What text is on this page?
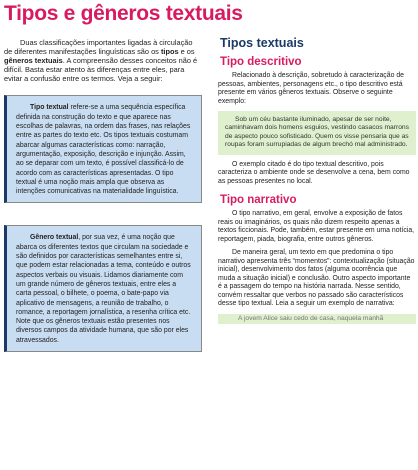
Tipos e gêneros textuais

Duas classificações importantes ligadas à circulação de diferentes manifestações linguísticas são os tipos e os gêneros textuais. A compreensão desses conceitos não é difícil. Basta estar atento às diferenças entre eles, para evitar a confusão entre os termos. Veja a seguir:

Tipo textual refere-se a uma sequência específica definida na construção do texto e que aparece nas escolhas de palavras, na ordem das frases, nas relações entre as partes do texto etc. Os tipos textuais costumam abarcar algumas características como: narração, argumentação, exposição, descrição e injunção. Assim, ao se deparar com um texto, é possível classificá-lo de acordo com as características apresentadas. O tipo textual é uma noção mais ampla que observa as intenções comunicativas na materialidade linguística.

Gênero textual, por sua vez, é uma noção que abarca os diferentes textos que circulam na sociedade e são definidos por características semelhantes entre si, que podem estar relacionadas a tema, conteúdo e outros aspectos verbais ou visuais. Lidamos diariamente com um grande número de gêneros textuais, entre eles a carta pessoal, o bilhete, o poema, o bate-papo via aplicativo de mensagens, a reunião de trabalho, o romance, a reportagem jornalística, a resenha crítica etc. Note que os gêneros textuais estão presentes nos diversos campos da atividade humana, que são por eles atravessados.

Tipos textuais
Tipo descritivo

Relacionado à descrição, sobretudo à caracterização de pessoas, ambientes, personagens etc., o tipo descritivo está presente em vários gêneros textuais. Observe o seguinte exemplo:

Sob um céu bastante iluminado, apesar de ser noite, caminhavam dois homens esguios, vestindo casacos marrons de aspecto pouco sofisticado. Quem os visse pensaria que as roupas foram surrupiadas de algum brechó mal administrado.

O exemplo citado é do tipo textual descritivo, pois caracteriza o ambiente onde se desenvolve a cena, bem como as pessoas presentes no local.

Tipo narrativo

O tipo narrativo, em geral, envolve a exposição de fatos reais ou imaginários, os quais não dizem respeito apenas a textos ficcionais. Pode, também, estar presente em uma notícia, reportagem, piada, biografia, entre outros gêneros.

De maneira geral, um texto em que predomina o tipo narrativo apresenta três “momentos”: contextualização (situação inicial), desenvolvimento dos fatos (alguma ocorrência que muda a situação inicial) e conclusão. Outro aspecto importante é a passagem do tempo na história narrada. Nesse sentido, convém ressaltar que verbos no passado são característicos desse tipo textual. Leia a seguir um exemplo de narrativa:

A jovem Alice saiu cedo de casa, naquela manhã
